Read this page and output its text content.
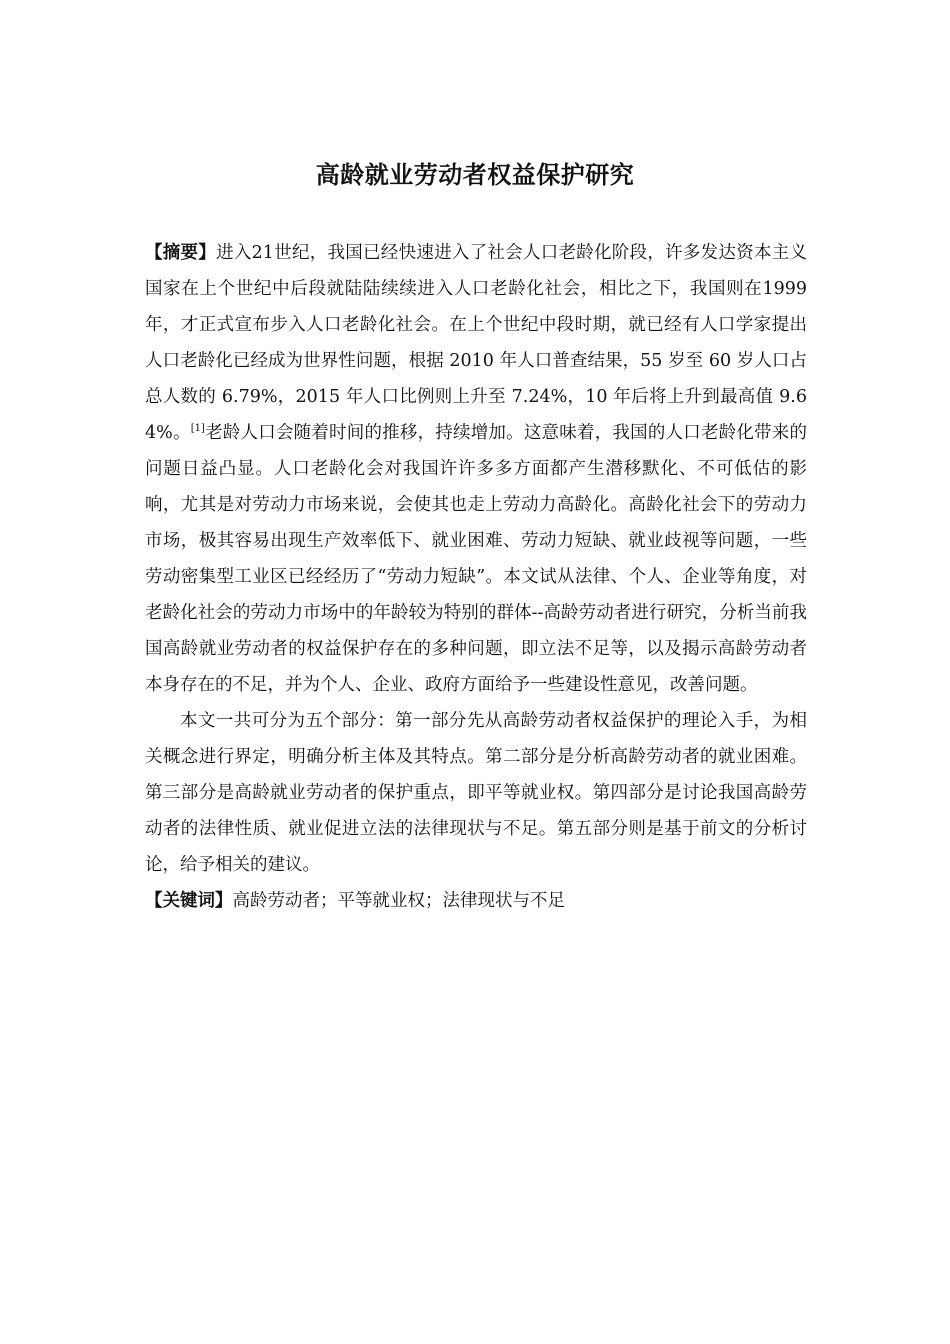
高龄就业劳动者权益保护研究

【摘要】进入21世纪，我国已经快速进入了社会人口老龄化阶段，许多发达资本主义国家在上个世纪中后段就陆陆续续进入人口老龄化社会，相比之下，我国则在1999年，才正式宣布步入人口老龄化社会。在上个世纪中段时期，就已经有人口学家提出人口老龄化已经成为世界性问题，根据 2010 年人口普查结果，55 岁至 60 岁人口占总人数的 6.79%，2015 年人口比例则上升至 7.24%，10 年后将上升到最高值 9.64%。[1]老龄人口会随着时间的推移，持续增加。这意味着，我国的人口老龄化带来的问题日益凸显。人口老龄化会对我国许许多多方面都产生潜移默化、不可低估的影响，尤其是对劳动力市场来说，会使其也走上劳动力高龄化。高龄化社会下的劳动力市场，极其容易出现生产效率低下、就业困难、劳动力短缺、就业歧视等问题，一些劳动密集型工业区已经经历了“劳动力短缺”。本文试从法律、个人、企业等角度，对老龄化社会的劳动力市场中的年龄较为特别的群体--高龄劳动者进行研究，分析当前我国高龄就业劳动者的权益保护存在的多种问题，即立法不足等，以及揭示高龄劳动者本身存在的不足，并为个人、企业、政府方面给予一些建设性意见，改善问题。

本文一共可分为五个部分：第一部分先从高龄劳动者权益保护的理论入手，为相关概念进行界定，明确分析主体及其特点。第二部分是分析高龄劳动者的就业困难。第三部分是高龄就业劳动者的保护重点，即平等就业权。第四部分是讨论我国高龄劳动者的法律性质、就业促进立法的法律现状与不足。第五部分则是基于前文的分析讨论，给予相关的建议。

【关键词】高龄劳动者；平等就业权；法律现状与不足
